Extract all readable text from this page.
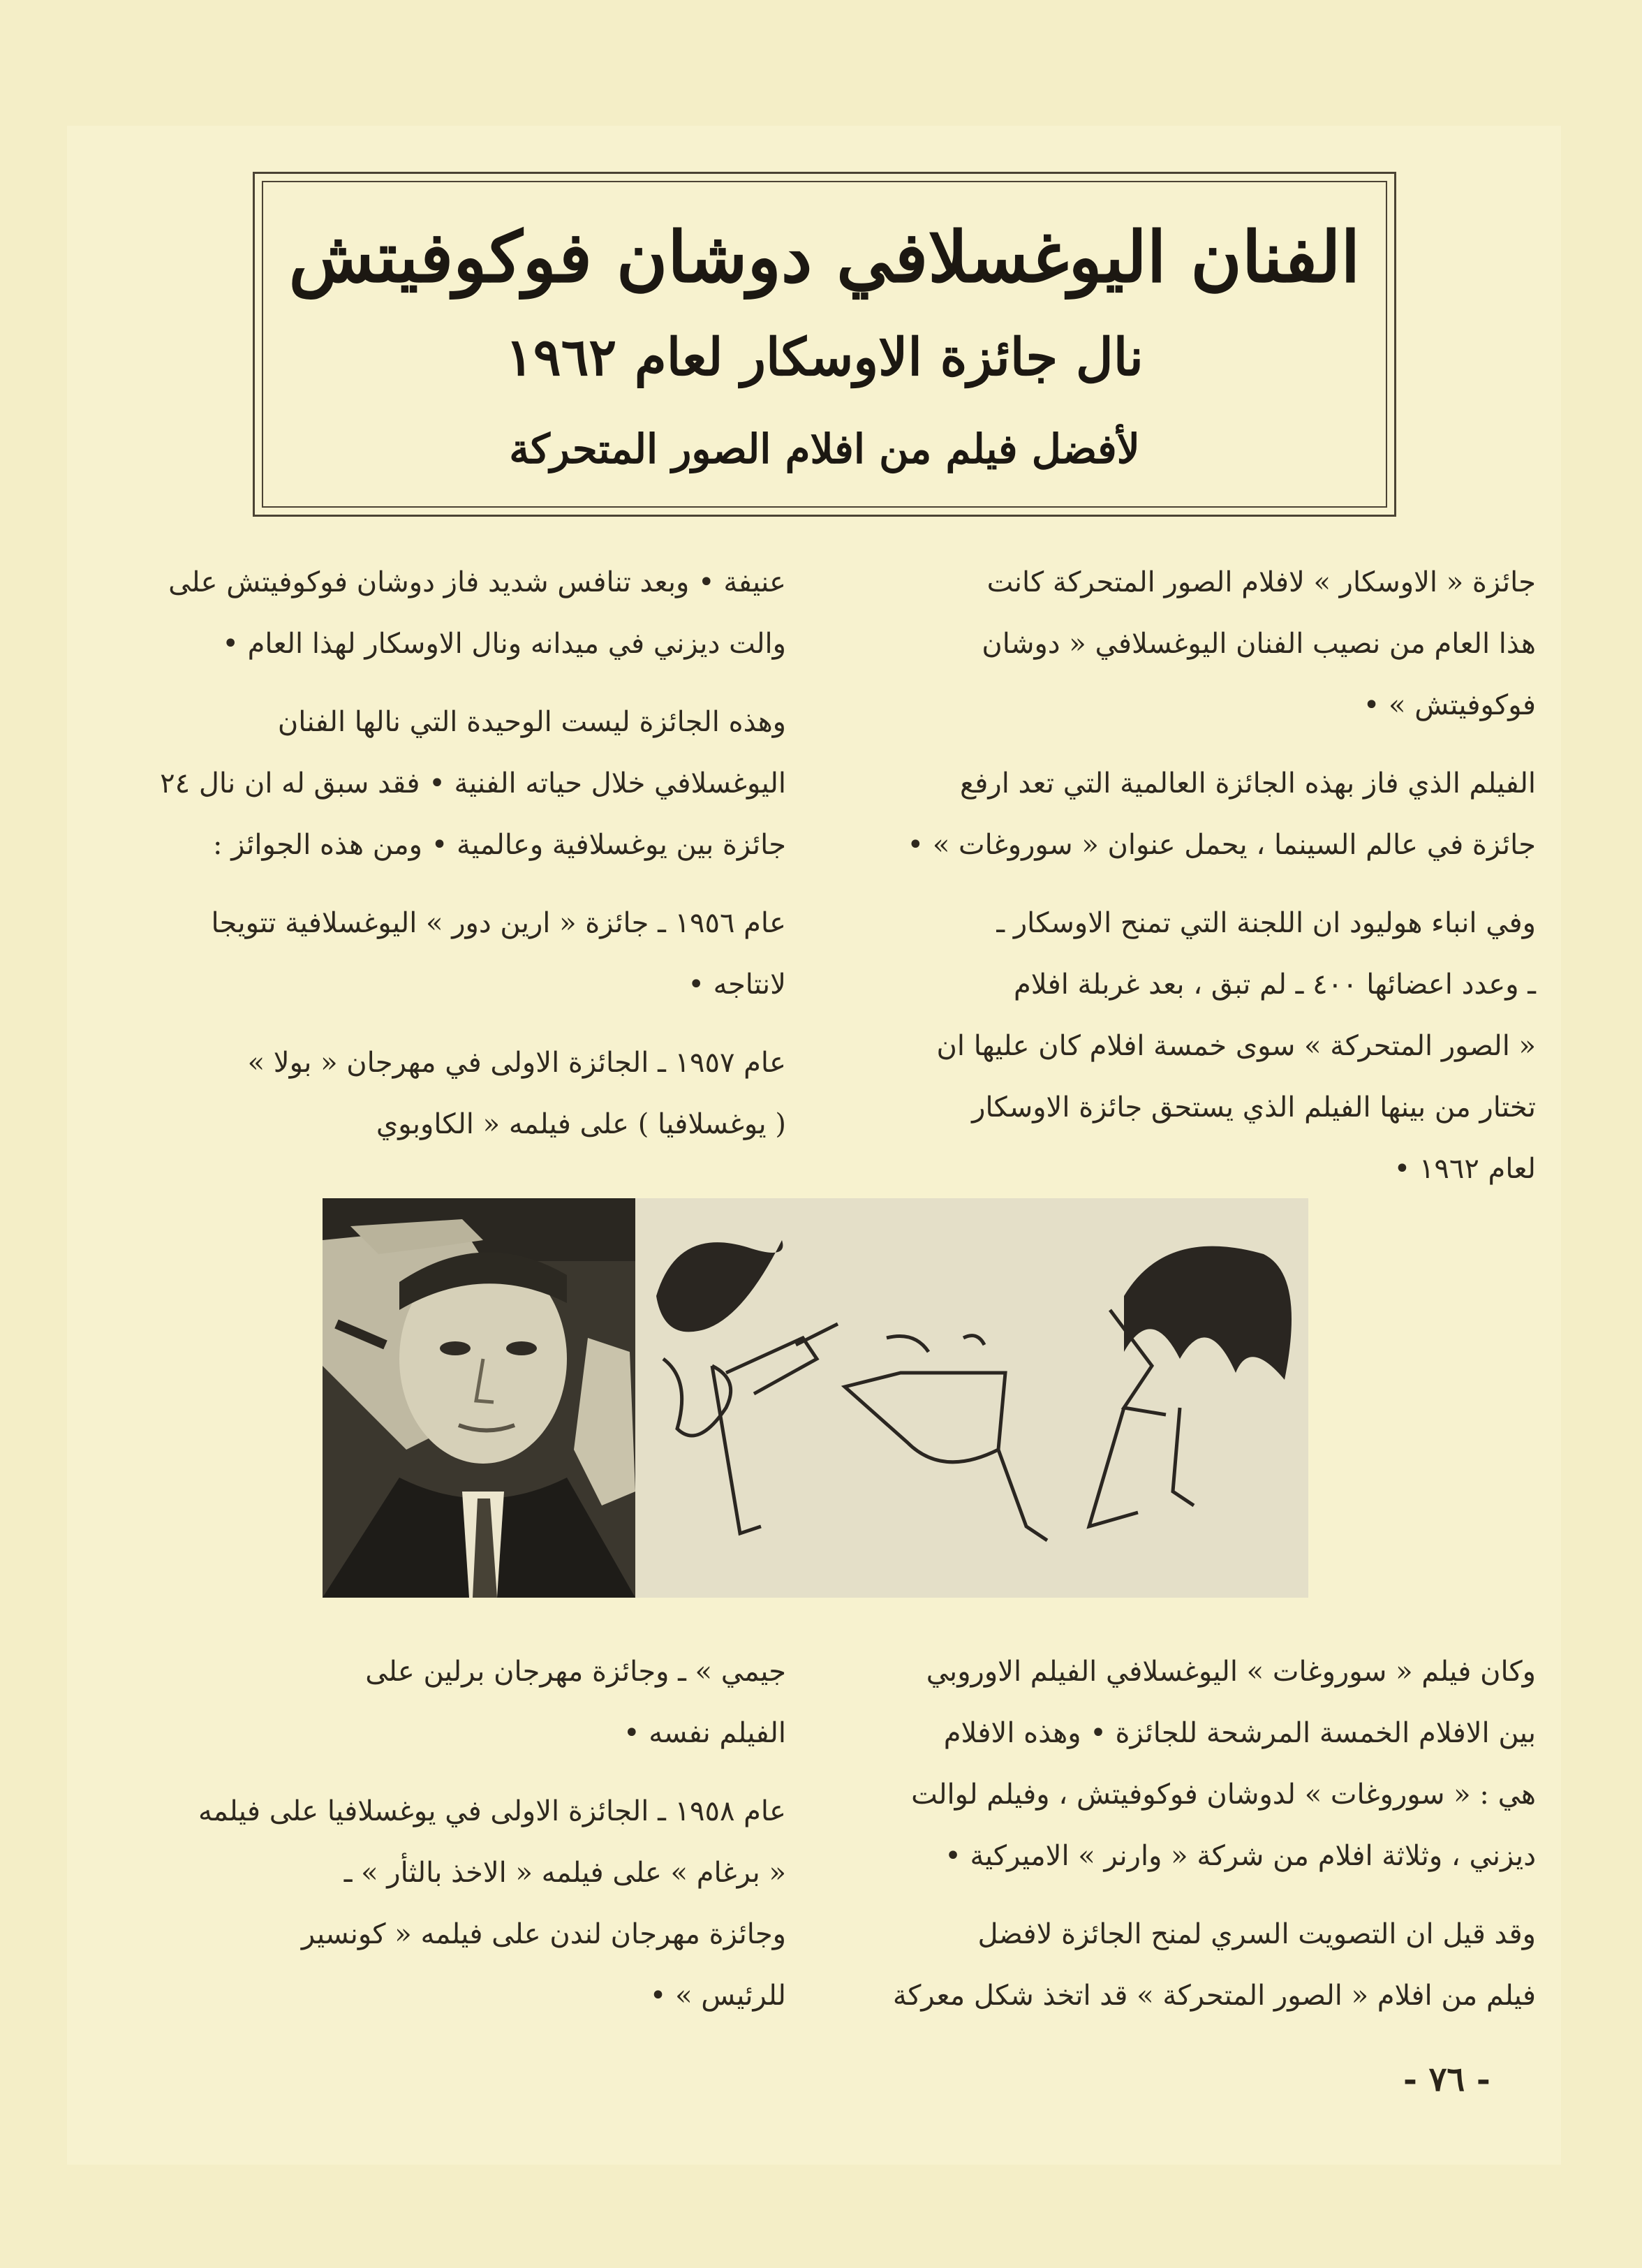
الفنان اليوغسلافي دوشان فوكوفيتش
نال جائزة الاوسكار لعام ١٩٦٢
لأفضل فيلم من افلام الصور المتحركة

جائزة « الاوسكار » لافلام الصور المتحركة كانت

هذا العام من نصيب الفنان اليوغسلافي « دوشان

فوكوفيتش » •

الفيلم الذي فاز بهذه الجائزة العالمية التي تعد ارفع

جائزة في عالم السينما ، يحمل عنوان « سوروغات » •

وفي انباء هوليود ان اللجنة التي تمنح الاوسكار ـ

ـ وعدد اعضائها ٤٠٠ ـ لم تبق ، بعد غربلة افلام

« الصور المتحركة » سوى خمسة افلام كان عليها ان

تختار من بينها الفيلم الذي يستحق جائزة الاوسكار

لعام ١٩٦٢ •

عنيفة • وبعد تنافس شديد فاز دوشان فوكوفيتش على

والت ديزني في ميدانه ونال الاوسكار لهذا العام •

وهذه الجائزة ليست الوحيدة التي نالها الفنان

اليوغسلافي خلال حياته الفنية • فقد سبق له ان نال ٢٤

جائزة بين يوغسلافية وعالمية • ومن هذه الجوائز :

عام ١٩٥٦ ـ جائزة « ارين دور » اليوغسلافية تتويجا

لانتاجه •

عام ١٩٥٧ ـ الجائزة الاولى في مهرجان « بولا »

( يوغسلافيا ) على فيلمه « الكاوبوي

وكان فيلم « سوروغات » اليوغسلافي الفيلم الاوروبي

بين الافلام الخمسة المرشحة للجائزة • وهذه الافلام

هي : « سوروغات » لدوشان فوكوفيتش ، وفيلم لوالت

ديزني ، وثلاثة افلام من شركة « وارنر » الاميركية •

وقد قيل ان التصويت السري لمنح الجائزة لافضل

فيلم من افلام « الصور المتحركة » قد اتخذ شكل معركة

جيمي » ـ وجائزة مهرجان برلين على

الفيلم نفسه •

عام ١٩٥٨ ـ الجائزة الاولى في يوغسلافيا على فيلمه

« برغام » على فيلمه « الاخذ بالثأر » ـ

وجائزة مهرجان لندن على فيلمه « كونسير

للرئيس » •

- ٧٦ -
